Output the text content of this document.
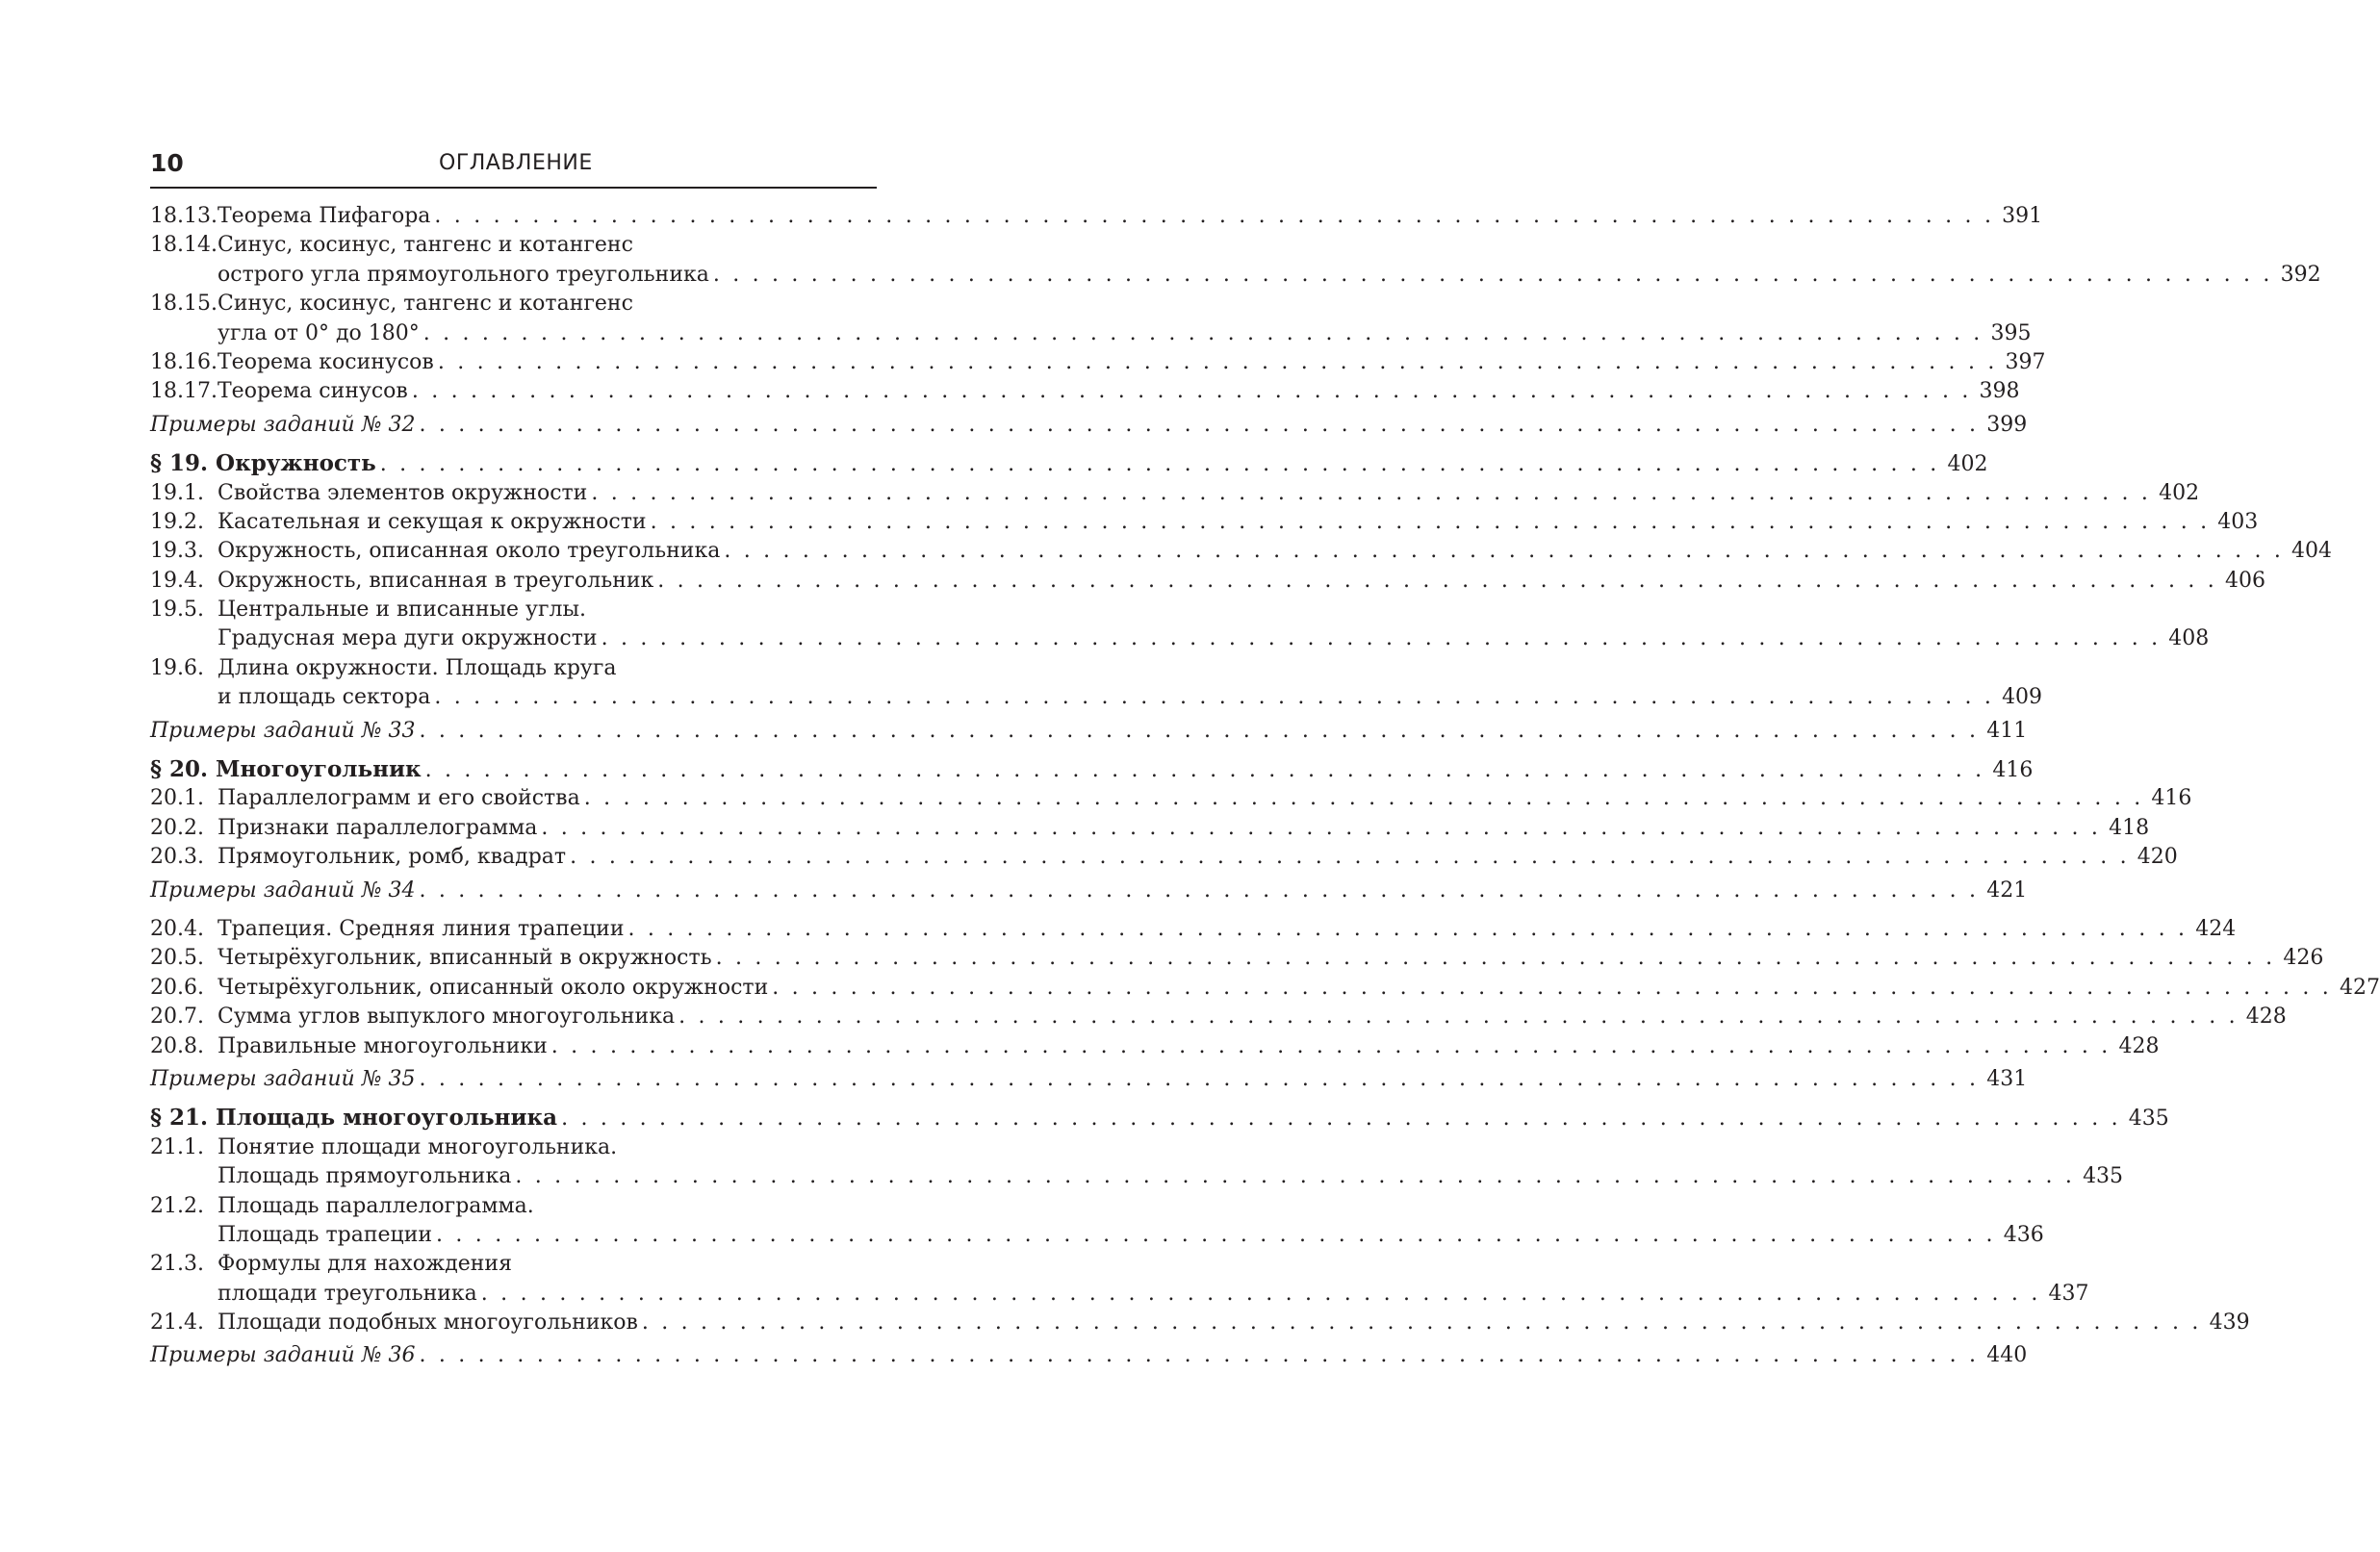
10	ОГЛАВЛЕНИЕ
18.13. Теорема Пифагора . . . . . . . . . . . . . . . . . . . . . . . . . . . . . . . . . . . . . . . . . . . . . . . . . . . . . . . . . . . . . . . . . . . . . . . . . . . . . . . . 391
18.14. Синус, косинус, тангенс и котангенс
острого угла прямоугольного треугольника . . . . . . . . . . . . . . . . . . . . . . . . . . . . . . . . . . . . . . . . . . . . . . . . . . . . . . . . . . . . . . . . . . . . . . . . . . . . . . . . 392
18.15. Синус, косинус, тангенс и котангенс
угла от 0° до 180° . . . . . . . . . . . . . . . . . . . . . . . . . . . . . . . . . . . . . . . . . . . . . . . . . . . . . . . . . . . . . . . . . . . . . . . . . . . . . . . . 395
18.16. Теорема косинусов . . . . . . . . . . . . . . . . . . . . . . . . . . . . . . . . . . . . . . . . . . . . . . . . . . . . . . . . . . . . . . . . . . . . . . . . . . . . . . . . 397
18.17. Теорема синусов . . . . . . . . . . . . . . . . . . . . . . . . . . . . . . . . . . . . . . . . . . . . . . . . . . . . . . . . . . . . . . . . . . . . . . . . . . . . . . . . 398
Примеры заданий № 32 . . . . . . . . . . . . . . . . . . . . . . . . . . . . . . . . . . . . . . . . . . . . . . . . . . . . . . . . . . . . . . . . . . . . . . . . . . . . . . . . 399
§ 19. Окружность . . . . . . . . . . . . . . . . . . . . . . . . . . . . . . . . . . . . . . . . . . . . . . . . . . . . . . . . . . . . . . . . . . . . . . . . . . . . . . . . 402
19.1. Свойства элементов окружности . . . . . . . . . . . . . . . . . . . . . . . . . . . . . . . . . . . . . . . . . . . . . . . . . . . . . . . . . . . . . . . . . . . . . . . . . . . . . . . . 402
19.2. Касательная и секущая к окружности . . . . . . . . . . . . . . . . . . . . . . . . . . . . . . . . . . . . . . . . . . . . . . . . . . . . . . . . . . . . . . . . . . . . . . . . . . . . . . . . 403
19.3. Окружность, описанная около треугольника . . . . . . . . . . . . . . . . . . . . . . . . . . . . . . . . . . . . . . . . . . . . . . . . . . . . . . . . . . . . . . . . . . . . . . . . . . . . . . . . 404
19.4. Окружность, вписанная в треугольник . . . . . . . . . . . . . . . . . . . . . . . . . . . . . . . . . . . . . . . . . . . . . . . . . . . . . . . . . . . . . . . . . . . . . . . . . . . . . . . . 406
19.5. Центральные и вписанные углы.
Градусная мера дуги окружности . . . . . . . . . . . . . . . . . . . . . . . . . . . . . . . . . . . . . . . . . . . . . . . . . . . . . . . . . . . . . . . . . . . . . . . . . . . . . . . . 408
19.6. Длина окружности. Площадь круга
и площадь сектора . . . . . . . . . . . . . . . . . . . . . . . . . . . . . . . . . . . . . . . . . . . . . . . . . . . . . . . . . . . . . . . . . . . . . . . . . . . . . . . . 409
Примеры заданий № 33 . . . . . . . . . . . . . . . . . . . . . . . . . . . . . . . . . . . . . . . . . . . . . . . . . . . . . . . . . . . . . . . . . . . . . . . . . . . . . . . . 411
§ 20. Многоугольник . . . . . . . . . . . . . . . . . . . . . . . . . . . . . . . . . . . . . . . . . . . . . . . . . . . . . . . . . . . . . . . . . . . . . . . . . . . . . . . . 416
20.1. Параллелограмм и его свойства . . . . . . . . . . . . . . . . . . . . . . . . . . . . . . . . . . . . . . . . . . . . . . . . . . . . . . . . . . . . . . . . . . . . . . . . . . . . . . . . 416
20.2. Признаки параллелограмма . . . . . . . . . . . . . . . . . . . . . . . . . . . . . . . . . . . . . . . . . . . . . . . . . . . . . . . . . . . . . . . . . . . . . . . . . . . . . . . . 418
20.3. Прямоугольник, ромб, квадрат . . . . . . . . . . . . . . . . . . . . . . . . . . . . . . . . . . . . . . . . . . . . . . . . . . . . . . . . . . . . . . . . . . . . . . . . . . . . . . . . 420
Примеры заданий № 34 . . . . . . . . . . . . . . . . . . . . . . . . . . . . . . . . . . . . . . . . . . . . . . . . . . . . . . . . . . . . . . . . . . . . . . . . . . . . . . . . 421
20.4. Трапеция. Средняя линия трапеции . . . . . . . . . . . . . . . . . . . . . . . . . . . . . . . . . . . . . . . . . . . . . . . . . . . . . . . . . . . . . . . . . . . . . . . . . . . . . . . . 424
20.5. Четырёхугольник, вписанный в окружность . . . . . . . . . . . . . . . . . . . . . . . . . . . . . . . . . . . . . . . . . . . . . . . . . . . . . . . . . . . . . . . . . . . . . . . . . . . . . . . . 426
20.6. Четырёхугольник, описанный около окружности . . . . . . . . . . . . . . . . . . . . . . . . . . . . . . . . . . . . . . . . . . . . . . . . . . . . . . . . . . . . . . . . . . . . . . . . . . . . . . . . 427
20.7. Сумма углов выпуклого многоугольника . . . . . . . . . . . . . . . . . . . . . . . . . . . . . . . . . . . . . . . . . . . . . . . . . . . . . . . . . . . . . . . . . . . . . . . . . . . . . . . . 428
20.8. Правильные многоугольники . . . . . . . . . . . . . . . . . . . . . . . . . . . . . . . . . . . . . . . . . . . . . . . . . . . . . . . . . . . . . . . . . . . . . . . . . . . . . . . . 428
Примеры заданий № 35 . . . . . . . . . . . . . . . . . . . . . . . . . . . . . . . . . . . . . . . . . . . . . . . . . . . . . . . . . . . . . . . . . . . . . . . . . . . . . . . . 431
§ 21. Площадь многоугольника . . . . . . . . . . . . . . . . . . . . . . . . . . . . . . . . . . . . . . . . . . . . . . . . . . . . . . . . . . . . . . . . . . . . . . . . . . . . . . . . 435
21.1. Понятие площади многоугольника.
Площадь прямоугольника . . . . . . . . . . . . . . . . . . . . . . . . . . . . . . . . . . . . . . . . . . . . . . . . . . . . . . . . . . . . . . . . . . . . . . . . . . . . . . . . 435
21.2. Площадь параллелограмма.
Площадь трапеции . . . . . . . . . . . . . . . . . . . . . . . . . . . . . . . . . . . . . . . . . . . . . . . . . . . . . . . . . . . . . . . . . . . . . . . . . . . . . . . . 436
21.3. Формулы для нахождения
площади треугольника . . . . . . . . . . . . . . . . . . . . . . . . . . . . . . . . . . . . . . . . . . . . . . . . . . . . . . . . . . . . . . . . . . . . . . . . . . . . . . . . 437
21.4. Площади подобных многоугольников . . . . . . . . . . . . . . . . . . . . . . . . . . . . . . . . . . . . . . . . . . . . . . . . . . . . . . . . . . . . . . . . . . . . . . . . . . . . . . . . 439
Примеры заданий № 36 . . . . . . . . . . . . . . . . . . . . . . . . . . . . . . . . . . . . . . . . . . . . . . . . . . . . . . . . . . . . . . . . . . . . . . . . . . . . . . . . 440
